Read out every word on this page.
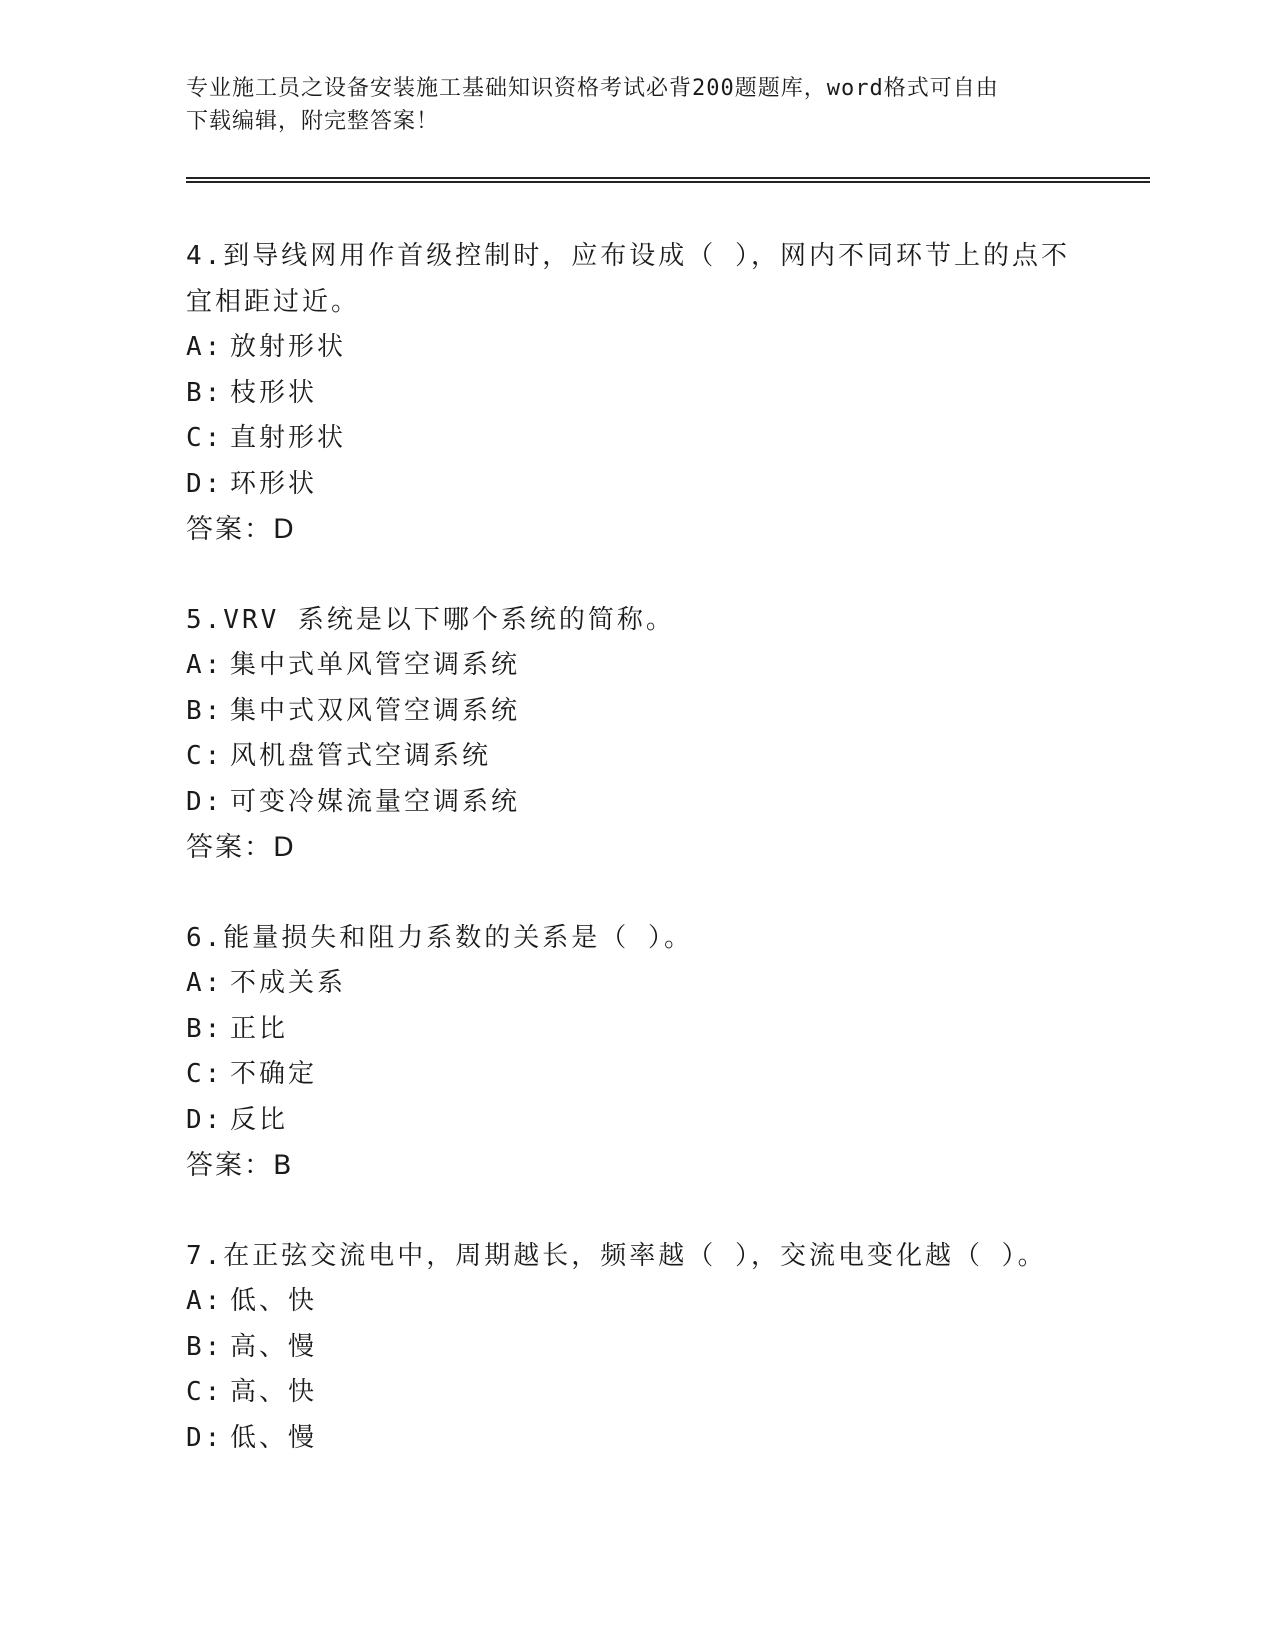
专业施工员之设备安装施工基础知识资格考试必背200题题库，word格式可自由
下载编辑，附完整答案！
4.到导线网用作首级控制时，应布设成（ ），网内不同环节上的点不
宜相距过近。
A: 放射形状
B: 枝形状
C: 直射形状
D: 环形状
答案：D
5.VRV 系统是以下哪个系统的简称。
A: 集中式单风管空调系统
B: 集中式双风管空调系统
C: 风机盘管式空调系统
D: 可变冷媒流量空调系统
答案：D
6.能量损失和阻力系数的关系是（ ）。
A: 不成关系
B: 正比
C: 不确定
D: 反比
答案：B
7.在正弦交流电中，周期越长，频率越（ ），交流电变化越（ ）。
A: 低、快
B: 高、慢
C: 高、快
D: 低、慢
